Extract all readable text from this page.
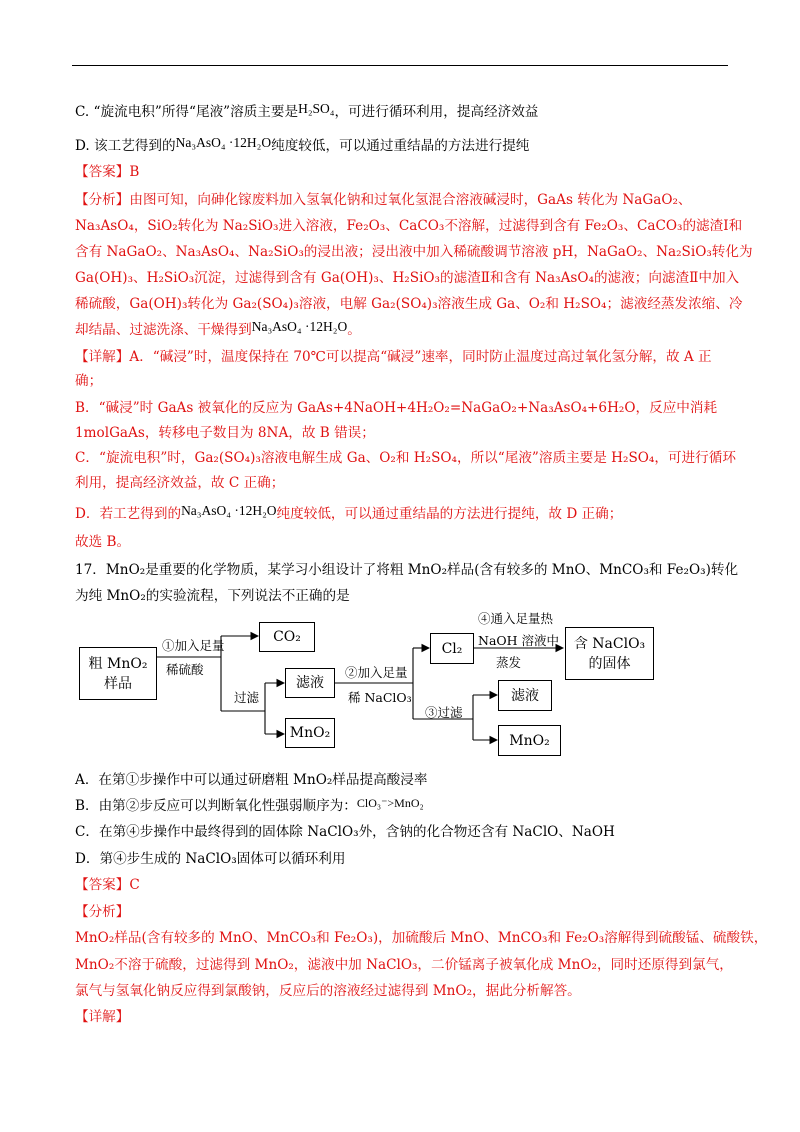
C. “旋流电积”所得“尾液”溶质主要是H₂SO₄，可进行循环利用，提高经济效益
D. 该工艺得到的Na₃AsO₄ ·12H₂O纯度较低，可以通过重结晶的方法进行提纯
【答案】B
【分析】由图可知，向砷化镓废料加入氢氧化钠和过氧化氢混合溶液碱浸时，GaAs 转化为 NaGaO₂、
Na₃AsO₄，SiO₂转化为 Na₂SiO₃进入溶液，Fe₂O₃、CaCO₃不溶解，过滤得到含有 Fe₂O₃、CaCO₃的滤渣Ⅰ和
含有 NaGaO₂、Na₃AsO₄、Na₂SiO₃的浸出液；浸出液中加入稀硫酸调节溶液 pH，NaGaO₂、Na₂SiO₃转化为
Ga(OH)₃、H₂SiO₃沉淀，过滤得到含有 Ga(OH)₃、H₂SiO₃的滤渣Ⅱ和含有 Na₃AsO₄的滤液；向滤渣Ⅱ中加入
稀硫酸，Ga(OH)₃转化为 Ga₂(SO₄)₃溶液，电解 Ga₂(SO₄)₃溶液生成 Ga、O₂和 H₂SO₄；滤液经蒸发浓缩、冷
却结晶、过滤洗涤、干燥得到Na₃AsO₄ ·12H₂O。
【详解】A．“碱浸”时，温度保持在 70℃可以提高“碱浸”速率，同时防止温度过高过氧化氢分解，故 A 正
确；
B．“碱浸”时 GaAs 被氧化的反应为 GaAs+4NaOH+4H₂O₂=NaGaO₂+Na₃AsO₄+6H₂O，反应中消耗
1molGaAs，转移电子数目为 8NA，故 B 错误；
C．“旋流电积”时，Ga₂(SO₄)₃溶液电解生成 Ga、O₂和 H₂SO₄，所以“尾液”溶质主要是 H₂SO₄，可进行循环
利用，提高经济效益，故 C 正确；
D．若工艺得到的Na₃AsO₄ ·12H₂O纯度较低，可以通过重结晶的方法进行提纯，故 D 正确；
故选 B。
17．MnO₂是重要的化学物质，某学习小组设计了将粗 MnO₂样品(含有较多的 MnO、MnCO₃和 Fe₂O₃)转化
为纯 MnO₂的实验流程，下列说法不正确的是
粗 MnO₂
样品
CO₂
滤液
MnO₂
Cl₂	含 NaClO₃
的固体
滤液
MnO₂
①加入足量
稀硫酸
过滤
②加入足量
稀 NaClO₃
③过滤
④通入足量热
NaOH 溶液中
蒸发
A．在第①步操作中可以通过研磨粗 MnO₂样品提高酸浸率
B．由第②步反应可以判断氧化性强弱顺序为：ClO₃⁻>MnO₂
C．在第④步操作中最终得到的固体除 NaClO₃外，含钠的化合物还含有 NaClO、NaOH
D．第④步生成的 NaClO₃固体可以循环利用
【答案】C
【分析】
MnO₂样品(含有较多的 MnO、MnCO₃和 Fe₂O₃)，加硫酸后 MnO、MnCO₃和 Fe₂O₃溶解得到硫酸锰、硫酸铁，
MnO₂不溶于硫酸，过滤得到 MnO₂，滤液中加 NaClO₃，二价锰离子被氧化成 MnO₂，同时还原得到氯气，
氯气与氢氧化钠反应得到氯酸钠，反应后的溶液经过滤得到 MnO₂，据此分析解答。
【详解】
